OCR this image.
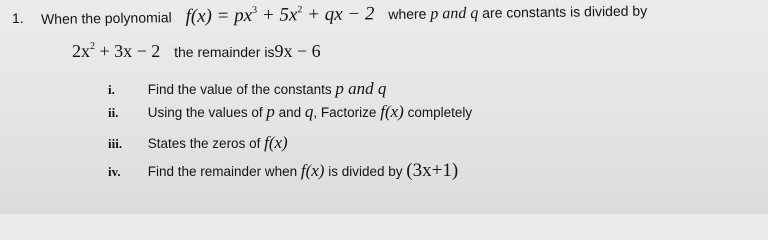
1. When the polynomial $f(x) = px^3 + 5x^2$ + qx − 2 where p and q are constants is divided by
$2x^2 + 3x - 2$ the remainder is9x − 6
i. Find the value of the constants p and q
ii. Using the values of p and q, Factorize f(x) completely
iii. States the zeros of f(x)
iv. Find the remainder when f(x) is divided by (3x+1)
